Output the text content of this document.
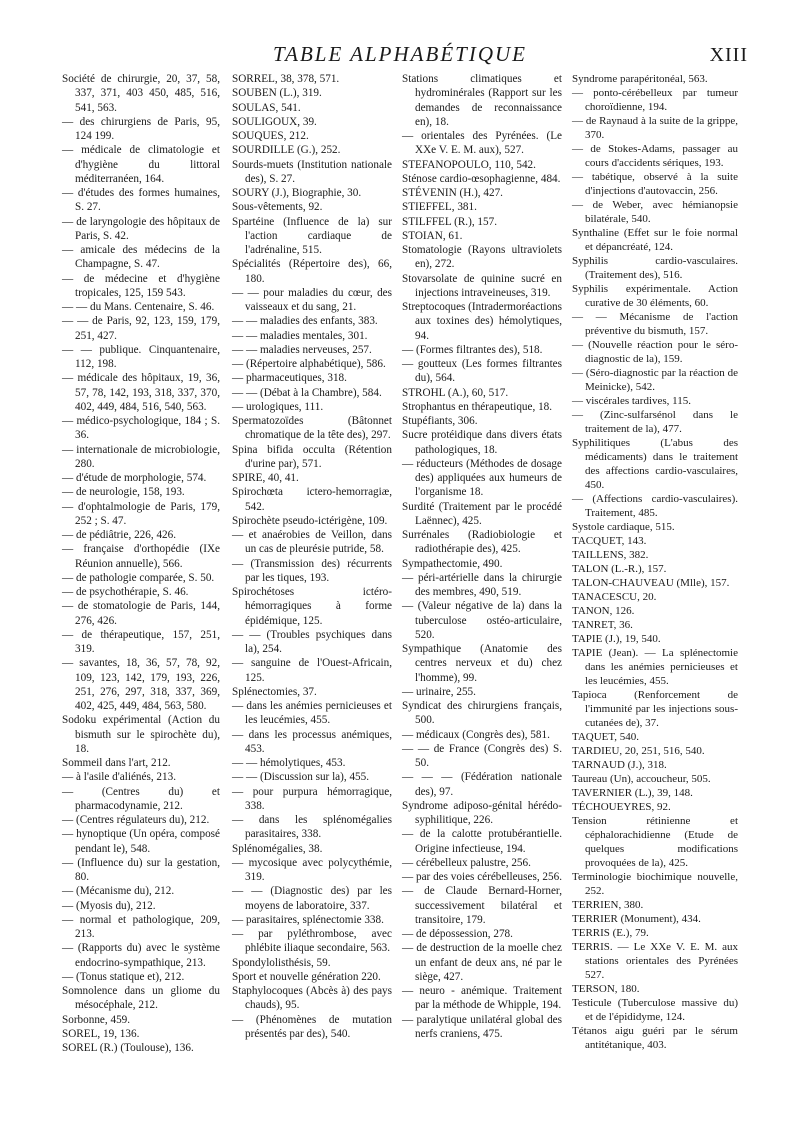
TABLE ALPHABÉTIQUE	XIII

Société de chirurgie, 20, 37, 58, 337, 371, 403 450, 485, 516, 541, 563.

— des chirurgiens de Paris, 95, 124 199.

— médicale de climatologie et d'hygiène du littoral méditerranéen, 164.

— d'études des formes humaines, S. 27.

— de laryngologie des hôpitaux de Paris, S. 42.

— amicale des médecins de la Champagne, S. 47.

— de médecine et d'hygiène tropicales, 125, 159 543.

— — du Mans. Centenaire, S. 46.

— — de Paris, 92, 123, 159, 179, 251, 427.

— — publique. Cinquantenaire, 112, 198.

— médicale des hôpitaux, 19, 36, 57, 78, 142, 193, 318, 337, 370, 402, 449, 484, 516, 540, 563.

— médico-psychologique, 184 ; S. 36.

— internationale de microbiologie, 280.

— d'étude de morphologie, 574.

— de neurologie, 158, 193.

— d'ophtalmologie de Paris, 179, 252 ; S. 47.

— de pédiâtrie, 226, 426.

— française d'orthopédie (IXe Réunion annuelle), 566.

— de pathologie comparée, S. 50.

— de psychothérapie, S. 46.

— de stomatologie de Paris, 144, 276, 426.

— de thérapeutique, 157, 251, 319.

— savantes, 18, 36, 57, 78, 92, 109, 123, 142, 179, 193, 226, 251, 276, 297, 318, 337, 369, 402, 425, 449, 484, 563, 580.

Sodoku expérimental (Action du bismuth sur le spirochète du), 18.

Sommeil dans l'art, 212.

— à l'asile d'aliénés, 213.

— (Centres du) et pharmacodynamie, 212.

— (Centres régulateurs du), 212.

— hynoptique (Un opéra, composé pendant le), 548.

— (Influence du) sur la gestation, 80.

— (Mécanisme du), 212.

— (Myosis du), 212.

— normal et pathologique, 209, 213.

— (Rapports du) avec le système endocrino-sympathique, 213.

— (Tonus statique et), 212.

Somnolence dans un gliome du mésocéphale, 212.

Sorbonne, 459.

SOREL, 19, 136.

SOREL (R.) (Toulouse), 136.

SORREL, 38, 378, 571.

SOUBEN (L.), 319.

SOULAS, 541.

SOULIGOUX, 39.

SOUQUES, 212.

SOURDILLE (G.), 252.

Sourds-muets (Institution nationale des), S. 27.

SOURY (J.), Biographie, 30.

Sous-vêtements, 92.

Spartéine (Influence de la) sur l'action cardiaque de l'adrénaline, 515.

Spécialités (Répertoire des), 66, 180.

— — pour maladies du cœur, des vaisseaux et du sang, 21.

— — maladies des enfants, 383.

— — maladies mentales, 301.

— — maladies nerveuses, 257.

— (Répertoire alphabétique), 586.

— pharmaceutiques, 318.

— — (Débat à la Chambre), 584.

— urologiques, 111.

Spermatozoïdes (Bâtonnet chromatique de la tête des), 297.

Spina bifida occulta (Rétention d'urine par), 571.

SPIRE, 40, 41.

Spirochœta ictero-hemorragiæ, 542.

Spirochète pseudo-ictérigène, 109.

— et anaérobies de Veillon, dans un cas de pleurésie putride, 58.

— (Transmission des) récurrents par les tiques, 193.

Spirochétoses ictéro-hémorragiques à forme épidémique, 125.

— — (Troubles psychiques dans la), 254.

— sanguine de l'Ouest-Africain, 125.

Splénectomies, 37.

— dans les anémies pernicieuses et les leucémies, 455.

— dans les processus anémiques, 453.

— — hémolytiques, 453.

— — (Discussion sur la), 455.

— pour purpura hémorragique, 338.

— dans les splénomégalies parasitaires, 338.

Splénomégalies, 38.

— mycosique avec polycythémie, 319.

— — (Diagnostic des) par les moyens de laboratoire, 337.

— parasitaires, splénectomie 338.

— par pyléthrombose, avec phlébite iliaque secondaire, 563.

Spondylolisthésis, 59.

Sport et nouvelle génération 220.

Staphylocoques (Abcès à) des pays chauds), 95.

— (Phénomènes de mutation présentés par des), 540.

Stations climatiques et hydrominérales (Rapport sur les demandes de reconnaissance en), 18.

— orientales des Pyrénées. (Le XXe V. E. M. aux), 527.

STEFANOPOULO, 110, 542.

Sténose cardio-œsophagienne, 484.

STÉVENIN (H.), 427.

STIEFFEL, 381.

STILFFEL (R.), 157.

STOIAN, 61.

Stomatologie (Rayons ultraviolets en), 272.

Stovarsolate de quinine sucré en injections intraveineuses, 319.

Streptocoques (Intradermoréactions aux toxines des) hémolytiques, 94.

— (Formes filtrantes des), 518.

— goutteux (Les formes filtrantes du), 564.

STROHL (A.), 60, 517.

Strophantus en thérapeutique, 18.

Stupéfiants, 306.

Sucre protéidique dans divers états pathologiques, 18.

— réducteurs (Méthodes de dosage des) appliquées aux humeurs de l'organisme 18.

Surdité (Traitement par le procédé Laënnec), 425.

Surrénales (Radiobiologie et radiothérapie des), 425.

Sympathectomie, 490.

— péri-artérielle dans la chirurgie des membres, 490, 519.

— (Valeur négative de la) dans la tuberculose ostéo-articulaire, 520.

Sympathique (Anatomie des centres nerveux et du) chez l'homme), 99.

— urinaire, 255.

Syndicat des chirurgiens français, 500.

— médicaux (Congrès des), 581.

— — de France (Congrès des) S. 50.

— — — (Fédération nationale des), 97.

Syndrome adiposo-génital hérédo-syphilitique, 226.

— de la calotte protubérantielle. Origine infectieuse, 194.

— cérébelleux palustre, 256.

— par des voies cérébelleuses, 256.

— de Claude Bernard-Horner, successivement bilatéral et transitoire, 179.

— de dépossession, 278.

— de destruction de la moelle chez un enfant de deux ans, né par le siège, 427.

— neuro - anémique. Traitement par la méthode de Whipple, 194.

— paralytique unilatéral global des nerfs craniens, 475.

Syndrome parapéritonéal, 563.

— ponto-cérébelleux par tumeur choroïdienne, 194.

— de Raynaud à la suite de la grippe, 370.

— de Stokes-Adams, passager au cours d'accidents sériques, 193.

— tabétique, observé à la suite d'injections d'autovaccin, 256.

— de Weber, avec hémianopsie bilatérale, 540.

Synthaline (Effet sur le foie normal et dépancréaté, 124.

Syphilis cardio-vasculaires. (Traitement des), 516.

Syphilis expérimentale. Action curative de 30 éléments, 60.

— — Mécanisme de l'action préventive du bismuth, 157.

— (Nouvelle réaction pour le séro-diagnostic de la), 159.

— (Séro-diagnostic par la réaction de Meinicke), 542.

— viscérales tardives, 115.

— (Zinc-sulfarsénol dans le traitement de la), 477.

Syphilitiques (L'abus des médicaments) dans le traitement des affections cardio-vasculaires, 450.

— (Affections cardio-vasculaires). Traitement, 485.

Systole cardiaque, 515.

TACQUET, 143.

TAILLENS, 382.

TALON (L.-R.), 157.

TALON-CHAUVEAU (Mlle), 157.

TANACESCU, 20.

TANON, 126.

TANRET, 36.

TAPIE (J.), 19, 540.

TAPIE (Jean). — La splénectomie dans les anémies pernicieuses et les leucémies, 455.

Tapioca (Renforcement de l'immunité par les injections sous-cutanées de), 37.

TAQUET, 540.

TARDIEU, 20, 251, 516, 540.

TARNAUD (J.), 318.

Taureau (Un), accoucheur, 505.

TAVERNIER (L.), 39, 148.

TÉCHOUEYRES, 92.

Tension rétinienne et céphalorachidienne (Etude de quelques modifications provoquées de la), 425.

Terminologie biochimique nouvelle, 252.

TERRIEN, 380.

TERRIER (Monument), 434.

TERRIS (E.), 79.

TERRIS. — Le XXe V. E. M. aux stations orientales des Pyrénées 527.

TERSON, 180.

Testicule (Tuberculose massive du) et de l'épididyme, 124.

Tétanos aigu guéri par le sérum antitétanique, 403.
